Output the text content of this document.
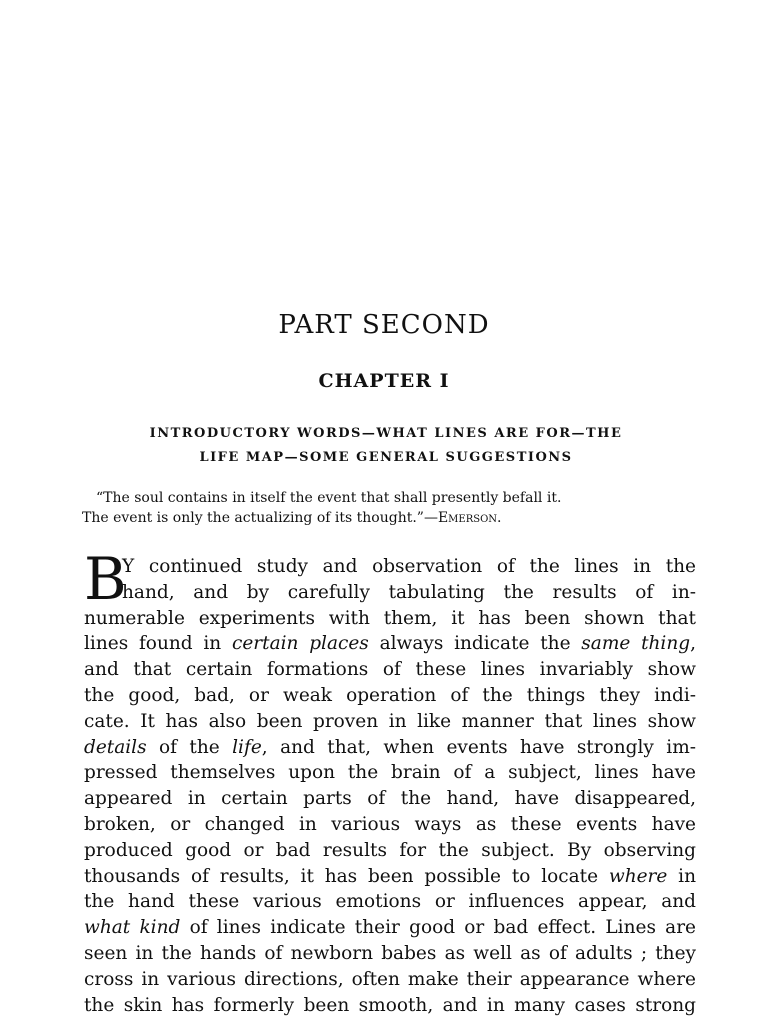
PART SECOND
CHAPTER I
INTRODUCTORY WORDS—WHAT LINES ARE FOR—THE
LIFE MAP—SOME GENERAL SUGGESTIONS
“The soul contains in itself the event that shall presently befall it.
The event is only the actualizing of its thought.”—Emerson.
B
Y continued study and observation of the lines in the
hand, and by carefully tabulating the results of in-
numerable experiments with them, it has been shown that
lines found in certain places always indicate the same thing,
and that certain formations of these lines invariably show
the good, bad, or weak operation of the things they indi-
cate. It has also been proven in like manner that lines show
details of the life, and that, when events have strongly im-
pressed themselves upon the brain of a subject, lines have
appeared in certain parts of the hand, have disappeared,
broken, or changed in various ways as these events have
produced good or bad results for the subject. By observing
thousands of results, it has been possible to locate where in
the hand these various emotions or influences appear, and
what kind of lines indicate their good or bad effect. Lines are
seen in the hands of newborn babes as well as of adults ; they
cross in various directions, often make their appearance where
the skin has formerly been smooth, and in many cases strong
